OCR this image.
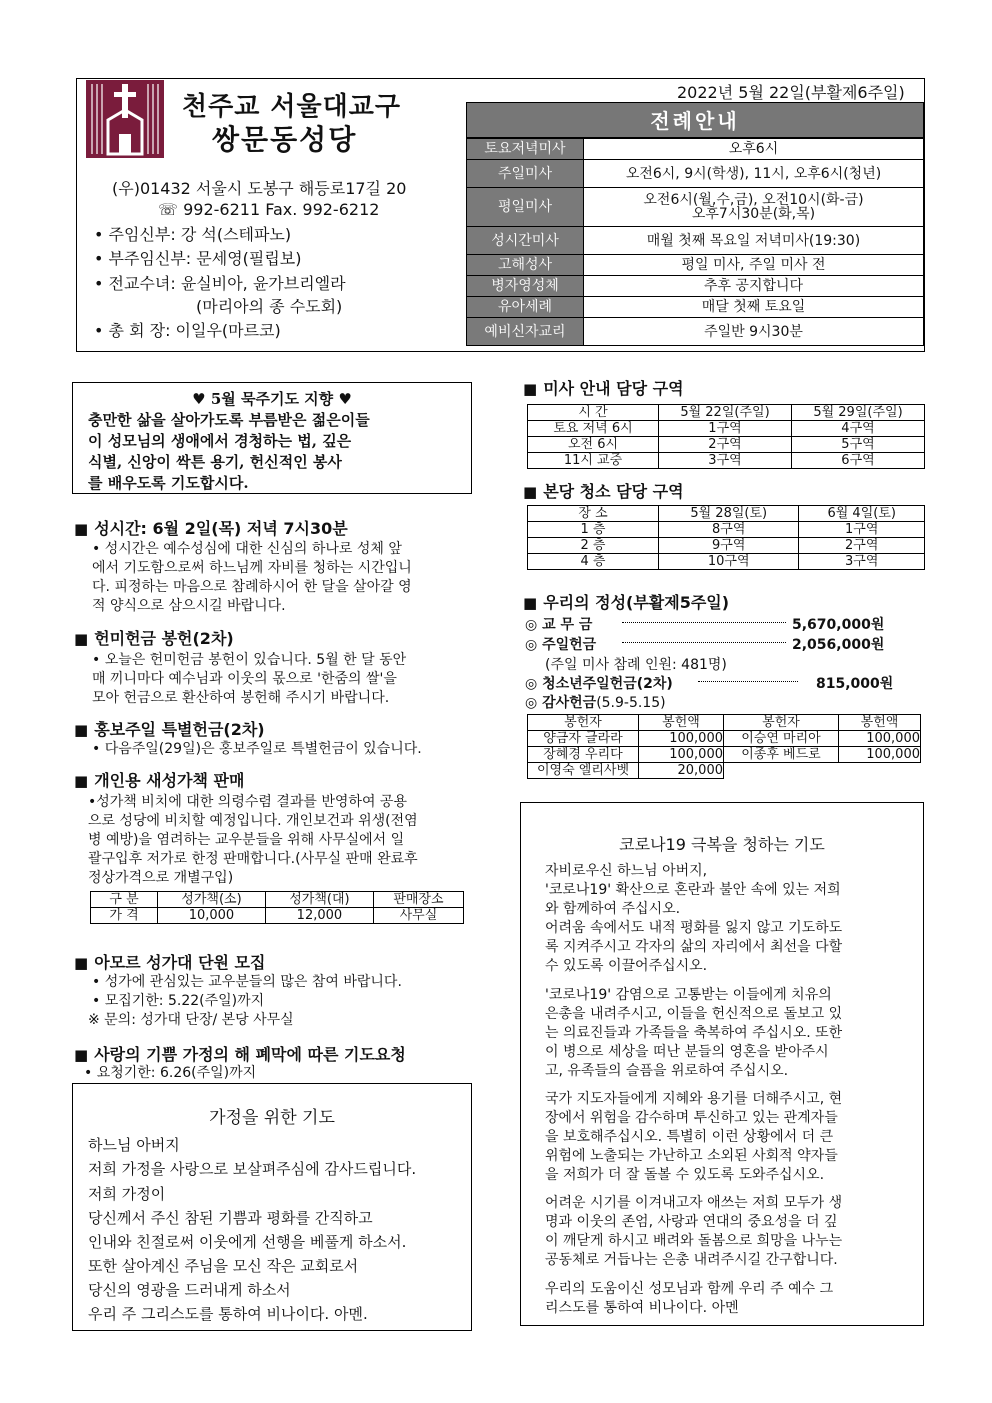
천주교 서울대교구
쌍문동성당
2022년 5월 22일(부활제6주일)
(우)01432 서울시 도봉구 해등로17길 20
☏ 992-6211 Fax. 992-6212
• 주임신부: 강 석(스테파노)
• 부주임신부: 문세영(필립보)
• 전교수녀: 윤실비아, 윤가브리엘라
(마리아의 종 수도회)
• 총 회 장: 이일우(마르코)
전례안내
토요저녁미사	오후6시
주일미사	오전6시, 9시(학생), 11시, 오후6시(청년)
평일미사	오전6시(월,수,금), 오전10시(화-금)
오후7시30분(화,목)

성시간미사	매월 첫째 목요일 저녁미사(19:30)
고해성사	평일 미사, 주일 미사 전
병자영성체	추후 공지합니다
유아세례	매달 첫째 토요일
예비신자교리	주일반 9시30분
♥ 5월 묵주기도 지향 ♥
충만한 삶을 살아가도록 부름받은 젊은이들
이 성모님의 생애에서 경청하는 법, 깊은
식별, 신앙이 싹튼 용기, 헌신적인 봉사
를 배우도록 기도합시다.
■ 성시간: 6월 2일(목) 저녁 7시30분
• 성시간은 예수성심에 대한 신심의 하나로 성체 앞
에서 기도함으로써 하느님께 자비를 청하는 시간입니
다. 피정하는 마음으로 참례하시어 한 달을 살아갈 영
적 양식으로 삼으시길 바랍니다.
■ 헌미헌금 봉헌(2차)
• 오늘은 헌미헌금 봉헌이 있습니다. 5월 한 달 동안
매 끼니마다 예수님과 이웃의 몫으로 '한줌의 쌀'을
모아 헌금으로 환산하여 봉헌해 주시기 바랍니다.
■ 홍보주일 특별헌금(2차)
• 다음주일(29일)은 홍보주일로 특별헌금이 있습니다.
■ 개인용 새성가책 판매
•성가책 비치에 대한 의령수렴 결과를 반영하여 공용
으로 성당에 비치할 예정입니다. 개인보건과 위생(전염
병 예방)을 염려하는 교우분들을 위해 사무실에서 일
괄구입후 저가로 한정 판매합니다.(사무실 판매 완료후
정상가격으로 개별구입)
구 분	성가책(소)	성가책(대)	판매장소
가 격	10,000	12,000	사무실
■ 아모르 성가대 단원 모집
• 성가에 관심있는 교우분들의 많은 참여 바랍니다.
• 모집기한: 5.22(주일)까지
※ 문의: 성가대 단장/ 본당 사무실
■ 사랑의 기쁨 가정의 해 폐막에 따른 기도요청
• 요청기한: 6.26(주일)까지
가정을 위한 기도
하느님 아버지
저희 가정을 사랑으로 보살펴주심에 감사드립니다.
저희 가정이
당신께서 주신 참된 기쁨과 평화를 간직하고
인내와 친절로써 이웃에게 선행을 베풀게 하소서.
또한 살아계신 주님을 모신 작은 교회로서
당신의 영광을 드러내게 하소서
우리 주 그리스도를 통하여 비나이다. 아멘.
■ 미사 안내 담당 구역
시 간	5월 22일(주일)	5월 29일(주일)
토요 저녁 6시	1구역	4구역
오전 6시	2구역	5구역
11시 교중	3구역	6구역
■ 본당 청소 담당 구역
장 소	5월 28일(토)	6월 4일(토)
1 층	8구역	1구역
2 층	9구역	2구역
4 층	10구역	3구역
■ 우리의 정성(부활제5주일)
◎ 교 무 금	5,670,000원
◎ 주일헌금	2,056,000원
(주일 미사 참례 인원: 481명)
◎ 청소년주일헌금(2차)	815,000원
◎ 감사헌금(5.9-5.15)
봉헌자	봉헌액	봉헌자	봉헌액
양금자 글라라	100,000	이승연 마리아	100,000
장혜경 우리다	100,000	이종후 베드로	100,000
이영숙 엘리사벳	20,000		
코로나19 극복을 청하는 기도
자비로우신 하느님 아버지,
'코로나19' 확산으로 혼란과 불안 속에 있는 저희
와 함께하여 주십시오.
어려움 속에서도 내적 평화를 잃지 않고 기도하도
록 지켜주시고 각자의 삶의 자리에서 최선을 다할
수 있도록 이끌어주십시오.
'코로나19' 감염으로 고통받는 이들에게 치유의
은총을 내려주시고, 이들을 헌신적으로 돌보고 있
는 의료진들과 가족들을 축복하여 주십시오. 또한
이 병으로 세상을 떠난 분들의 영혼을 받아주시
고, 유족들의 슬픔을 위로하여 주십시오.
국가 지도자들에게 지혜와 용기를 더해주시고, 현
장에서 위험을 감수하며 투신하고 있는 관계자들
을 보호해주십시오. 특별히 이런 상황에서 더 큰
위험에 노출되는 가난하고 소외된 사회적 약자들
을 저희가 더 잘 돌볼 수 있도록 도와주십시오.
어려운 시기를 이겨내고자 애쓰는 저희 모두가 생
명과 이웃의 존엄, 사랑과 연대의 중요성을 더 깊
이 깨닫게 하시고 배려와 돌봄으로 희망을 나누는
공동체로 거듭나는 은총 내려주시길 간구합니다.
우리의 도움이신 성모님과 함께 우리 주 예수 그
리스도를 통하여 비나이다. 아멘
